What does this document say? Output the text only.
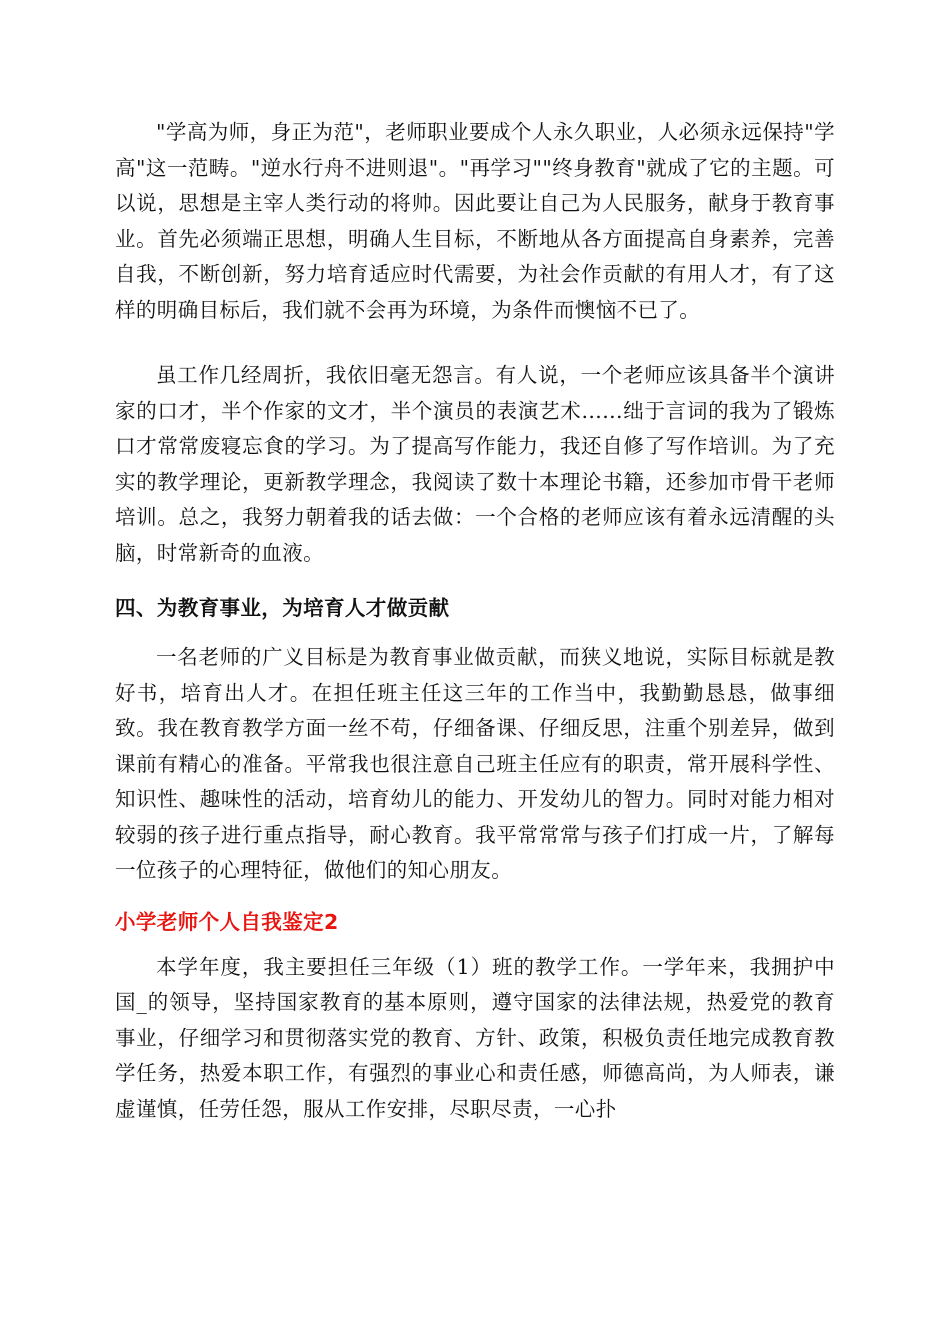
"学高为师，身正为范"，老师职业要成个人永久职业，人必须永远保持"学高"这一范畴。"逆水行舟不进则退"。"再学习""终身教育"就成了它的主题。可以说，思想是主宰人类行动的将帅。因此要让自己为人民服务，献身于教育事业。首先必须端正思想，明确人生目标，不断地从各方面提高自身素养，完善自我，不断创新，努力培育适应时代需要，为社会作贡献的有用人才，有了这样的明确目标后，我们就不会再为环境，为条件而懊恼不已了。

虽工作几经周折，我依旧毫无怨言。有人说，一个老师应该具备半个演讲家的口才，半个作家的文才，半个演员的表演艺术......绌于言词的我为了锻炼口才常常废寝忘食的学习。为了提高写作能力，我还自修了写作培训。为了充实的教学理论，更新教学理念，我阅读了数十本理论书籍，还参加市骨干老师培训。总之，我努力朝着我的话去做：一个合格的老师应该有着永远清醒的头脑，时常新奇的血液。

四、为教育事业，为培育人才做贡献

一名老师的广义目标是为教育事业做贡献，而狭义地说，实际目标就是教好书，培育出人才。在担任班主任这三年的工作当中，我勤勤恳恳，做事细致。我在教育教学方面一丝不苟，仔细备课、仔细反思，注重个别差异，做到课前有精心的准备。平常我也很注意自己班主任应有的职责，常开展科学性、知识性、趣味性的活动，培育幼儿的能力、开发幼儿的智力。同时对能力相对较弱的孩子进行重点指导，耐心教育。我平常常常与孩子们打成一片，了解每一位孩子的心理特征，做他们的知心朋友。

小学老师个人自我鉴定2

本学年度，我主要担任三年级（1）班的教学工作。一学年来，我拥护中国_的领导，坚持国家教育的基本原则，遵守国家的法律法规，热爱党的教育事业，仔细学习和贯彻落实党的教育、方针、政策，积极负责任地完成教育教学任务，热爱本职工作，有强烈的事业心和责任感，师德高尚，为人师表，谦虚谨慎，任劳任怨，服从工作安排，尽职尽责，一心扑
